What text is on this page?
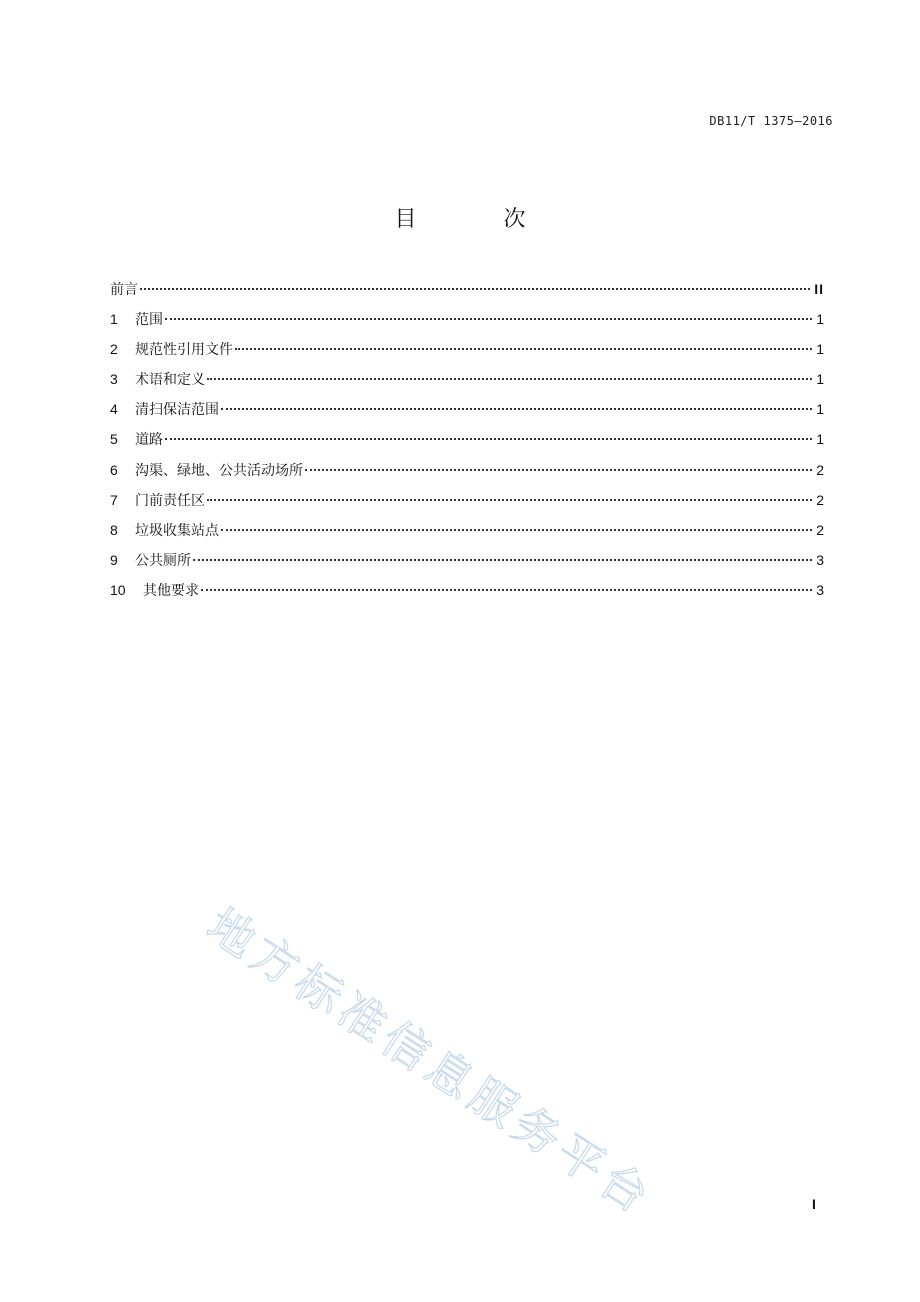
DB11/T 1375—2016
目 次
前言	II
1	范围	1
2	规范性引用文件	1
3	术语和定义	1
4	清扫保洁范围	1
5	道路	1
6	沟渠、绿地、公共活动场所	2
7	门前责任区	2
8	垃圾收集站点	2
9	公共厕所	3
10	其他要求	3
地方标准信息服务平台	I
